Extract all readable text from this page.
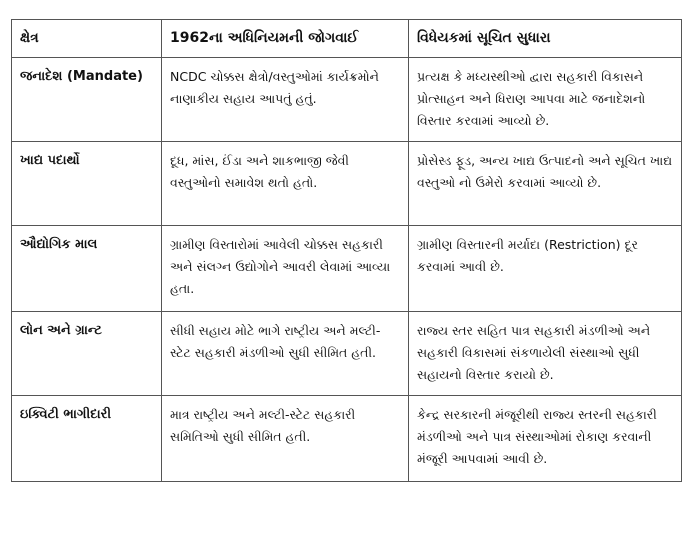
ક્ષેત્ર	1962ના અધિનિયમની જોગવાઈ	વિધેયકમાં સૂચિત સુધારા
જનાદેશ (Mandate)	NCDC ચોક્કસ ક્ષેત્રો/વસ્તુઓમાં કાર્યક્રમોને નાણાકીય સહાય આપતું હતું.	પ્રત્યક્ષ કે મધ્યસ્થીઓ દ્વારા સહકારી વિકાસને પ્રોત્સાહન અને ધિરાણ આપવા માટે જનાદેશનો વિસ્તાર કરવામાં આવ્યો છે.
ખાદ્ય પદાર્થો	દૂધ, માંસ, ઈંડા અને શાકભાજી જેવી વસ્તુઓનો સમાવેશ થતો હતો.	પ્રોસેસ્ડ ફૂડ, અન્ય ખાદ્ય ઉત્પાદનો અને સૂચિત ખાદ્ય વસ્તુઓ નો ઉમેરો કરવામાં આવ્યો છે.
ઔદ્યોગિક માલ	ગ્રામીણ વિસ્તારોમાં આવેલી ચોક્કસ સહકારી અને સંલગ્ન ઉદ્યોગોને આવરી લેવામાં આવ્યા હતા.	ગ્રામીણ વિસ્તારની મર્યાદા (Restriction) દૂર કરવામાં આવી છે.
લોન અને ગ્રાન્ટ	સીધી સહાય મોટે ભાગે રાષ્ટ્રીય અને મલ્ટી-સ્ટેટ સહકારી મંડળીઓ સુધી સીમિત હતી.	રાજ્ય સ્તર સહિત પાત્ર સહકારી મંડળીઓ અને સહકારી વિકાસમાં સંકળાયેલી સંસ્થાઓ સુધી સહાયનો વિસ્તાર કરાયો છે.
ઇક્વિટી ભાગીદારી	માત્ર રાષ્ટ્રીય અને મલ્ટી-સ્ટેટ સહકારી સમિતિઓ સુધી સીમિત હતી.	કેન્દ્ર સરકારની મંજૂરીથી રાજ્ય સ્તરની સહકારી મંડળીઓ અને પાત્ર સંસ્થાઓમાં રોકાણ કરવાની મંજૂરી આપવામાં આવી છે.
